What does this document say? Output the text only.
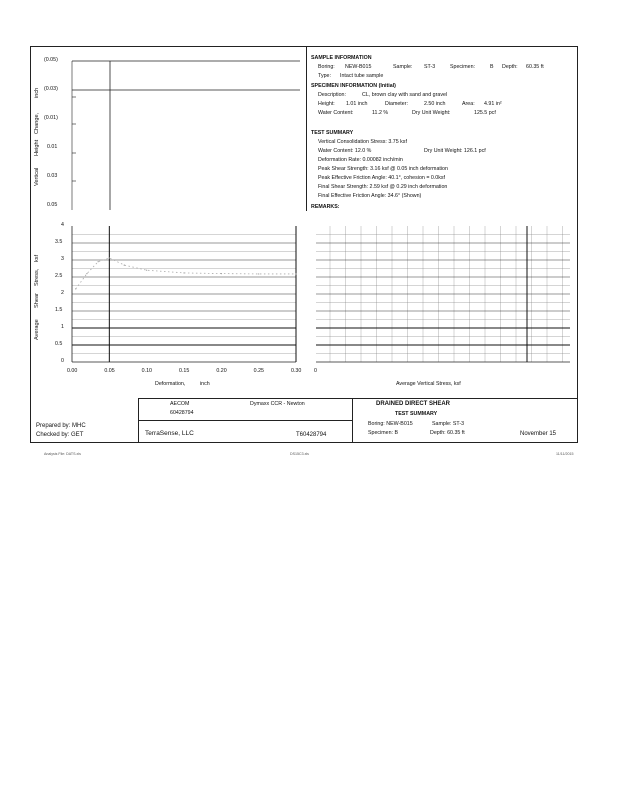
(0.05)
(0.03)
(0.01)
0.01
0.03
0.05
Vertical
Height
Change,
inch
4
3.5
3
2.5
2
1.5
1
0.5
0
0.00	0.05	0.10	0.15	0.20	0.25	0.30
Deformation,	inch
Average
Shear
Stress,
ksf
0
Average Vertical Stress, ksf
SAMPLE INFORMATION
Boring: NEW-B015	Sample: ST-3	Specimen:	B Depth: 60.35 ft
Type: Intact tube sample
SPECIMEN INFORMATION (Initial)
Description:	CL, brown clay with sand and gravel
Height: 1.01 inch	Diameter:	2.50 inch	Area: 4.91 in²
Water Content:	11.2 %	Dry Unit Weight:	125.5 pcf
TEST SUMMARY
Vertical Consolidation Stress: 3.75 ksf
Water Content: 12.0 %	Dry Unit Weight: 126.1 pcf
Deformation Rate: 0.00082 inch/min
Peak Shear Strength: 3.16 ksf @ 0.05 inch deformation
Peak Effective Friction Angle: 40.1°, cohesion = 0.0ksf
Final Shear Strength: 2.59 ksf @ 0.29 inch deformation
Final Effective Friction Angle: 34.6° (Shown)
REMARKS:
AECOM
60428794
Dymaxx CCR - Newton	DRAINED DIRECT SHEAR
TEST SUMMARY
Boring: NEW-B015	Sample: ST-3
Specimen: B	Depth: 60.35 ft
Prepared by: MHC
Checked by: GET	TerraSense, LLC	T60428794	November 15
Analysis File: DATS.xls	DS15C3.xls	11/11/2015
